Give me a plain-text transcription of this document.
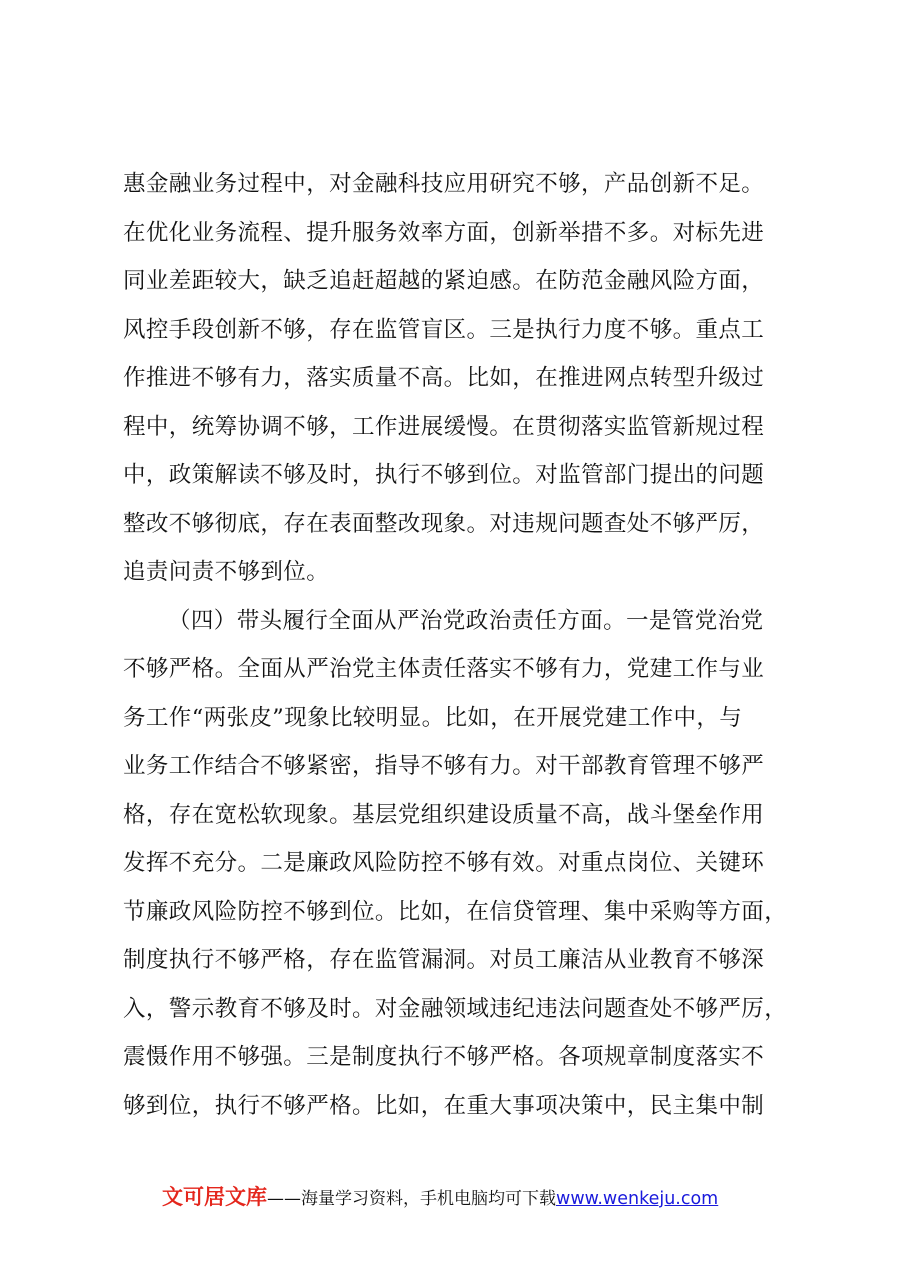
惠金融业务过程中，对金融科技应用研究不够，产品创新不足。
在优化业务流程、提升服务效率方面，创新举措不多。对标先进
同业差距较大，缺乏追赶超越的紧迫感。在防范金融风险方面，
风控手段创新不够，存在监管盲区。三是执行力度不够。重点工
作推进不够有力，落实质量不高。比如，在推进网点转型升级过
程中，统筹协调不够，工作进展缓慢。在贯彻落实监管新规过程
中，政策解读不够及时，执行不够到位。对监管部门提出的问题
整改不够彻底，存在表面整改现象。对违规问题查处不够严厉，
追责问责不够到位。
（四）带头履行全面从严治党政治责任方面。一是管党治党
不够严格。全面从严治党主体责任落实不够有力，党建工作与业
务工作“两张皮”现象比较明显。比如，在开展党建工作中，与
业务工作结合不够紧密，指导不够有力。对干部教育管理不够严
格，存在宽松软现象。基层党组织建设质量不高，战斗堡垒作用
发挥不充分。二是廉政风险防控不够有效。对重点岗位、关键环
节廉政风险防控不够到位。比如，在信贷管理、集中采购等方面，
制度执行不够严格，存在监管漏洞。对员工廉洁从业教育不够深
入，警示教育不够及时。对金融领域违纪违法问题查处不够严厉，
震慑作用不够强。三是制度执行不够严格。各项规章制度落实不
够到位，执行不够严格。比如，在重大事项决策中，民主集中制
文可居文库——海量学习资料，手机电脑均可下载www.wenkeju.com
